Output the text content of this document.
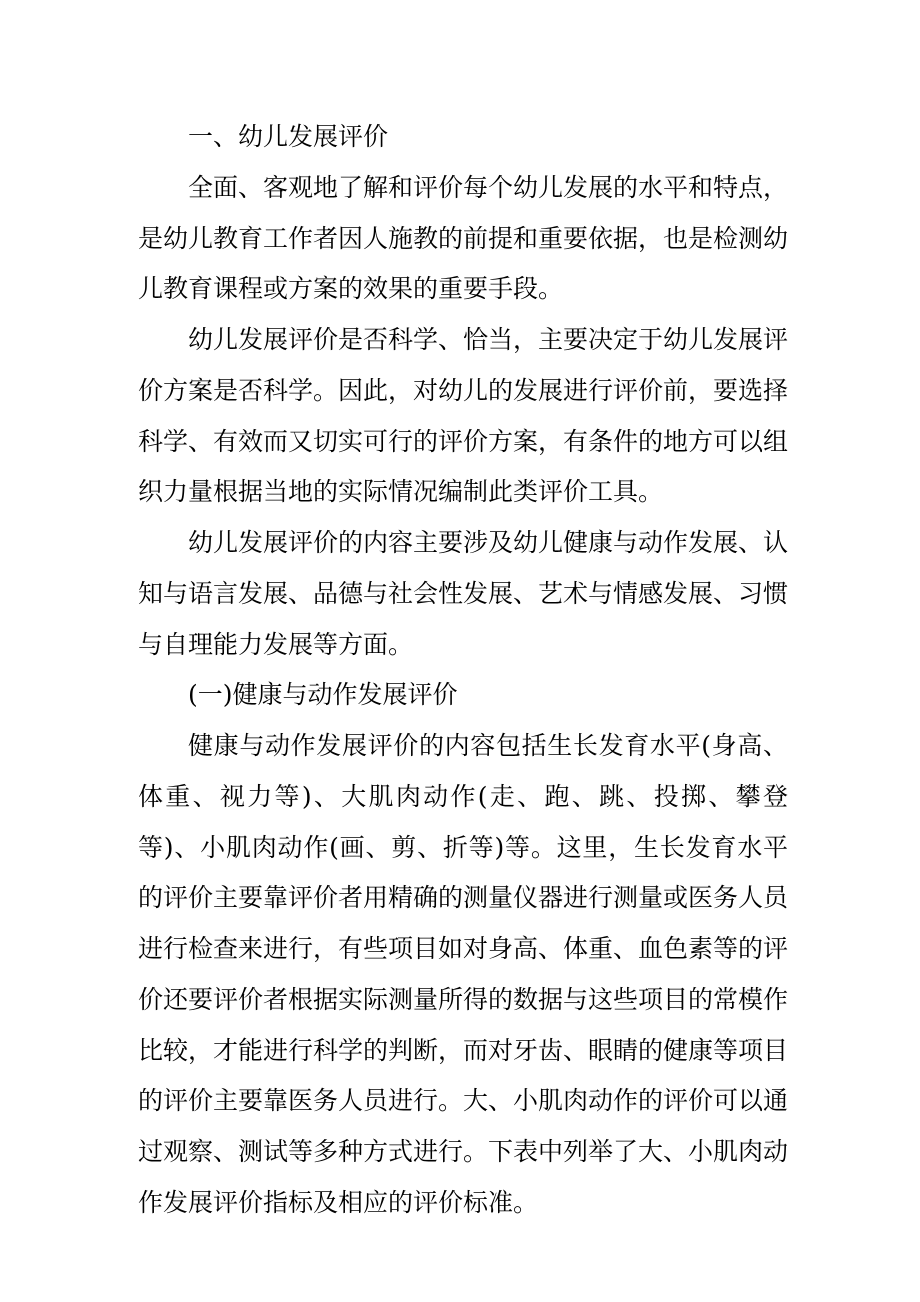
一、幼儿发展评价

全面、客观地了解和评价每个幼儿发展的水平和特点，是幼儿教育工作者因人施教的前提和重要依据，也是检测幼儿教育课程或方案的效果的重要手段。

幼儿发展评价是否科学、恰当，主要决定于幼儿发展评价方案是否科学。因此，对幼儿的发展进行评价前，要选择科学、有效而又切实可行的评价方案，有条件的地方可以组织力量根据当地的实际情况编制此类评价工具。

幼儿发展评价的内容主要涉及幼儿健康与动作发展、认知与语言发展、品德与社会性发展、艺术与情感发展、习惯与自理能力发展等方面。

(一)健康与动作发展评价

健康与动作发展评价的内容包括生长发育水平(身高、体重、视力等)、大肌肉动作(走、跑、跳、投掷、攀登等)、小肌肉动作(画、剪、折等)等。这里，生长发育水平的评价主要靠评价者用精确的测量仪器进行测量或医务人员进行检查来进行，有些项目如对身高、体重、血色素等的评价还要评价者根据实际测量所得的数据与这些项目的常模作比较，才能进行科学的判断，而对牙齿、眼睛的健康等项目的评价主要靠医务人员进行。大、小肌肉动作的评价可以通过观察、测试等多种方式进行。下表中列举了大、小肌肉动作发展评价指标及相应的评价标准。
